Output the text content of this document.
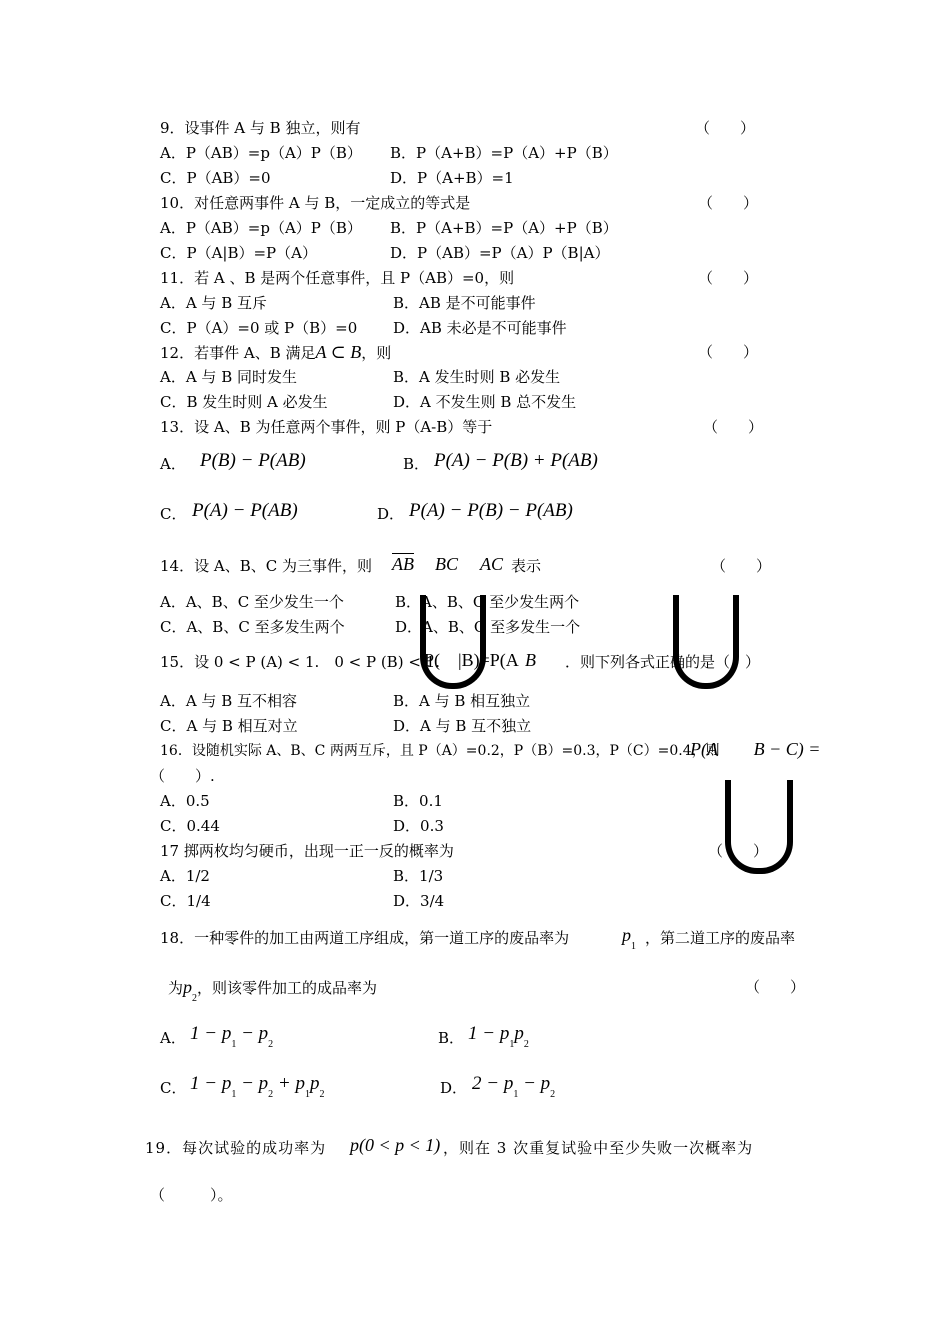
9．设事件 A 与 B 独立，则有	（　　）
A．P（AB）=p（A）P（B） B．P（A+B）=P（A）+P（B）
C．P（AB）=0	D．P（A+B）=1
10．对任意两事件 A 与 B，一定成立的等式是	（　　）
A．P（AB）=p（A）P（B） B．P（A+B）=P（A）+P（B）
C．P（A|B）=P（A）	D．P（AB）=P（A）P（B|A）
11．若 A 、B 是两个任意事件，且 P（AB）=0，则	（　　）
A．A 与 B 互斥	B．AB 是不可能事件
C．P（A）=0 或 P（B）=0 D．AB 未必是不可能事件
12．若事件 A、B 满足A ⊂ B，则	（　　）
A．A 与 B 同时发生	B．A 发生时则 B 必发生
C．B 发生时则 A 必发生	D．A 不发生则 B 总不发生
13．设 A、B 为任意两个事件，则 P（A-B）等于	（　　）
A． P(B) − P(AB)	B． P(A) − P(B) + P(AB)
C． P(A) − P(AB)	D． P(A) − P(B) − P(AB)
14．设 A、B、C 为三事件，则 $\overline{AB}$ BC AC 表示	（　　）
A．A、B、C 至少发生一个	B．A、B、C 至少发生两个
C．A、B、C 至多发生两个	D．A、B、C 至多发生一个
15．设 0 < P (A) < 1.　0 < P (B) < 1.
P(　|B)=P(A B ．则下列各式正确的是（　）
A．A 与 B 互不相容	B．A 与 B 相互独立
C．A 与 B 相互对立	D．A 与 B 互不独立
16．设随机实际 A、B、C 两两互斥，且 P（A）=0.2，P（B）=0.3，P（C）=0.4，则
P(A　　B − C) =
（　　）.
A．0.5	B．0.1
C．0.44	D．0.3
17 掷两枚均匀硬币，出现一正一反的概率为	（　　）
A．1/2	B．1/3
C．1/4	D．3/4
18．一种零件的加工由两道工序组成，第一道工序的废品率为	$p_1$ ，第二道工序的废品率
为$p_2$，则该零件加工的成品率为	（　　）
A． $1 - p_1 - p_2$	B． $1 - p_1p_2$
C． $1 - p_1 - p_2 + p_1p_2$	D． $2 - p_1 - p_2$
19．每次试验的成功率为 p(0 < p < 1) ，则在 3 次重复试验中至少失败一次概率为
（　　　）。
